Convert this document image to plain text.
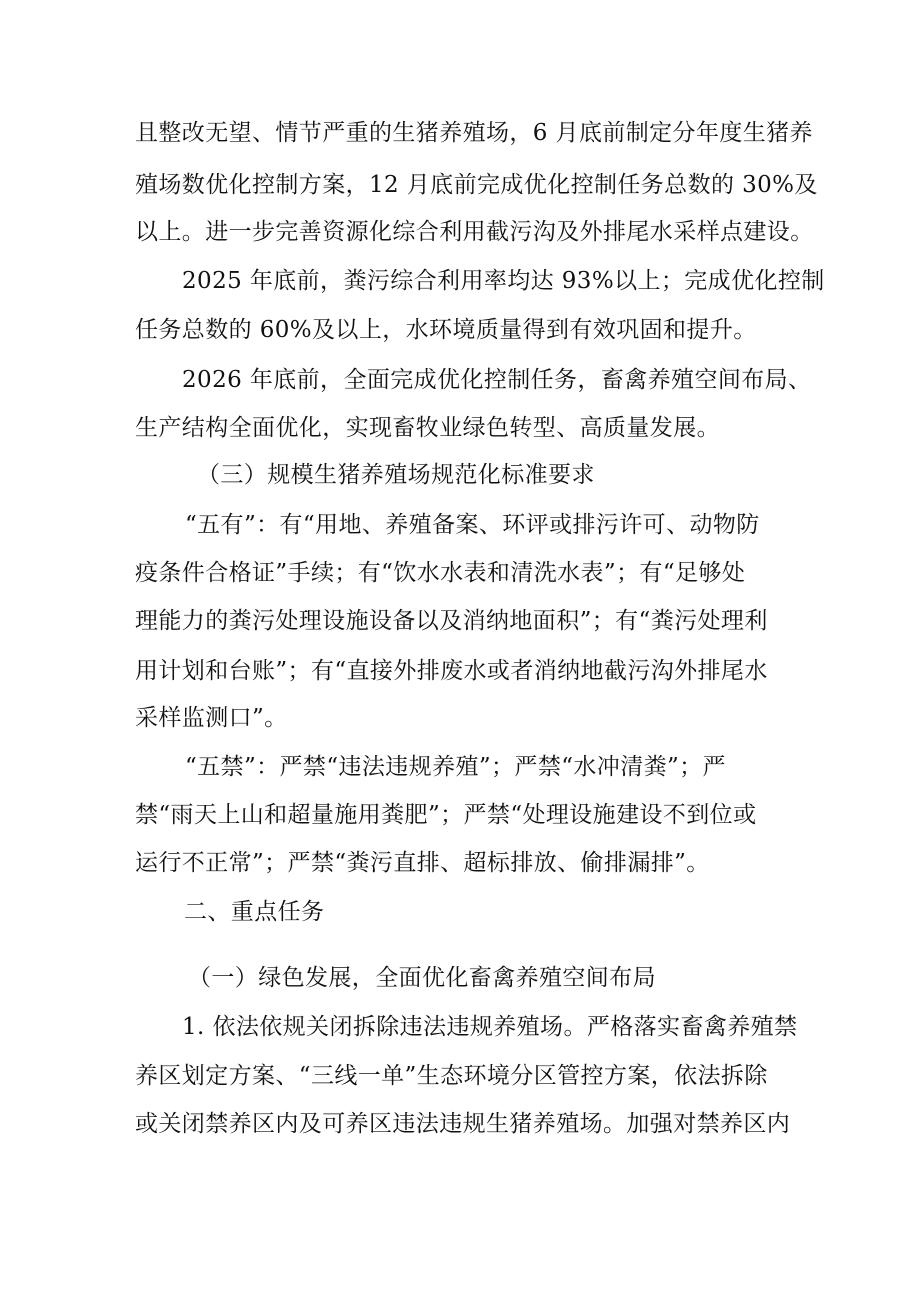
且整改无望、情节严重的生猪养殖场，6 月底前制定分年度生猪养

殖场数优化控制方案，12 月底前完成优化控制任务总数的 30%及

以上。进一步完善资源化综合利用截污沟及外排尾水采样点建设。

2025 年底前，粪污综合利用率均达 93%以上；完成优化控制

任务总数的 60%及以上，水环境质量得到有效巩固和提升。

2026 年底前，全面完成优化控制任务，畜禽养殖空间布局、

生产结构全面优化，实现畜牧业绿色转型、高质量发展。

（三）规模生猪养殖场规范化标准要求

“五有”：有“用地、养殖备案、环评或排污许可、动物防

疫条件合格证”手续；有“饮水水表和清洗水表”；有“足够处

理能力的粪污处理设施设备以及消纳地面积”；有“粪污处理利

用计划和台账”；有“直接外排废水或者消纳地截污沟外排尾水

采样监测口”。

“五禁”：严禁“违法违规养殖”；严禁“水冲清粪”；严

禁“雨天上山和超量施用粪肥”；严禁“处理设施建设不到位或

运行不正常”；严禁“粪污直排、超标排放、偷排漏排”。

二、重点任务

（一）绿色发展，全面优化畜禽养殖空间布局

1. 依法依规关闭拆除违法违规养殖场。严格落实畜禽养殖禁

养区划定方案、“三线一单”生态环境分区管控方案，依法拆除

或关闭禁养区内及可养区违法违规生猪养殖场。加强对禁养区内
